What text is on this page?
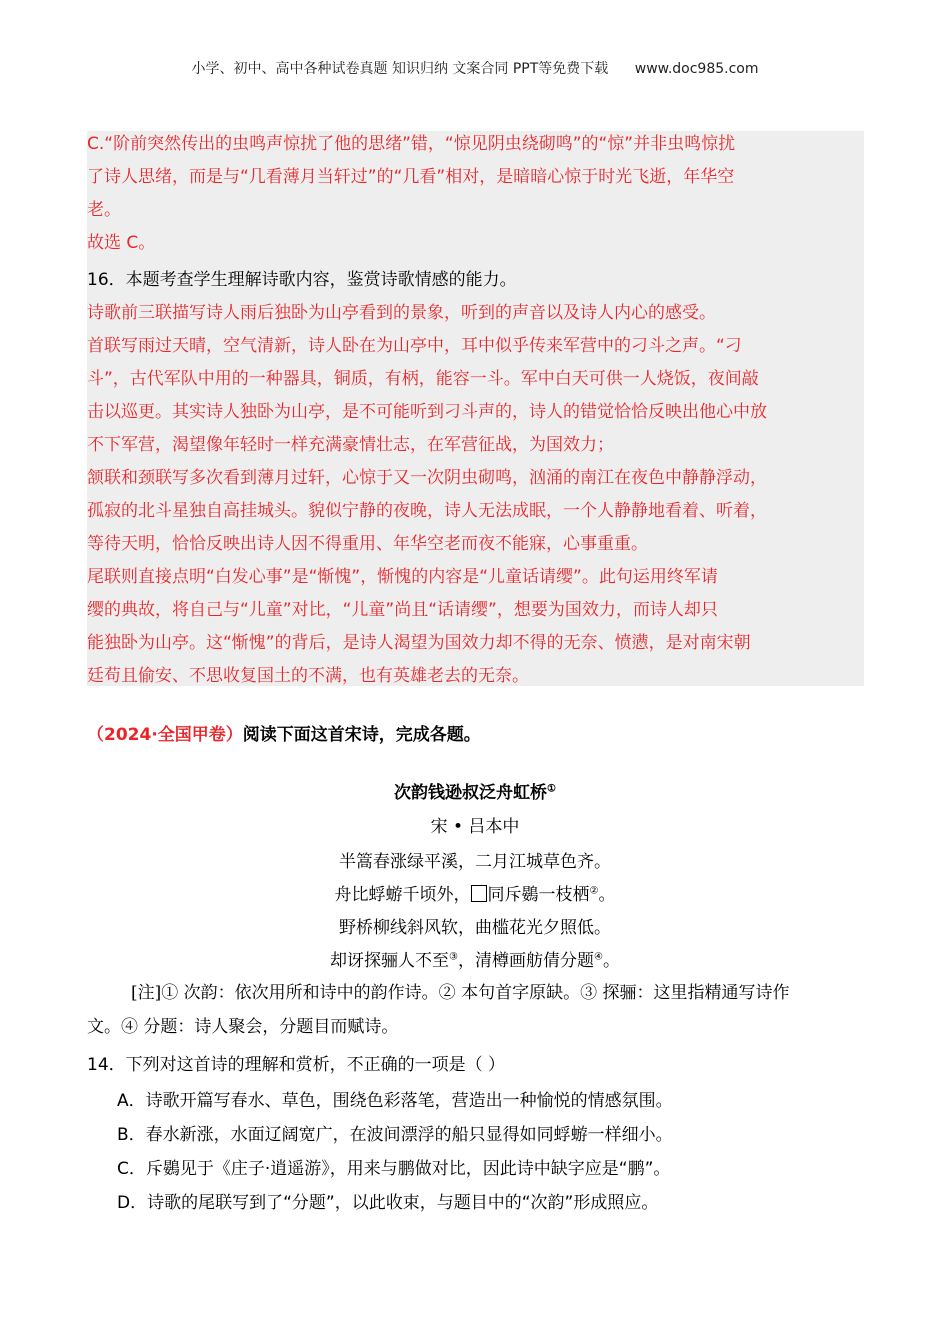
小学、初中、高中各种试卷真题 知识归纳 文案合同 PPT等免费下载 www.doc985.com
C.“阶前突然传出的虫鸣声惊扰了他的思绪”错，“惊见阴虫绕砌鸣”的“惊”并非虫鸣惊扰
了诗人思绪，而是与“几看薄月当轩过”的“几看”相对，是暗暗心惊于时光飞逝，年华空
老。
故选 C。
16．本题考查学生理解诗歌内容，鉴赏诗歌情感的能力。
诗歌前三联描写诗人雨后独卧为山亭看到的景象，听到的声音以及诗人内心的感受。
首联写雨过天晴，空气清新，诗人卧在为山亭中，耳中似乎传来军营中的刁斗之声。“刁
斗”，古代军队中用的一种器具，铜质，有柄，能容一斗。军中白天可供一人烧饭，夜间敲
击以巡更。其实诗人独卧为山亭，是不可能听到刁斗声的，诗人的错觉恰恰反映出他心中放
不下军营，渴望像年轻时一样充满豪情壮志，在军营征战，为国效力；
颔联和颈联写多次看到薄月过轩，心惊于又一次阴虫砌鸣，汹涌的南江在夜色中静静浮动，
孤寂的北斗星独自高挂城头。貌似宁静的夜晚，诗人无法成眠，一个人静静地看着、听着，
等待天明，恰恰反映出诗人因不得重用、年华空老而夜不能寐，心事重重。
尾联则直接点明“白发心事”是“惭愧”，惭愧的内容是“儿童话请缨”。此句运用终军请
缨的典故，将自己与“儿童”对比，“儿童”尚且“话请缨”，想要为国效力，而诗人却只
能独卧为山亭。这“惭愧”的背后，是诗人渴望为国效力却不得的无奈、愤懑，是对南宋朝
廷苟且偷安、不思收复国土的不满，也有英雄老去的无奈。
（2024·全国甲卷）阅读下面这首宋诗，完成各题。
次韵钱逊叔泛舟虹桥①
宋 • 吕本中
半篙春涨绿平溪，二月江城草色齐。
舟比蜉蝣千顷外， 同斥鷃一枝栖②。
野桥柳线斜风软，曲槛花光夕照低。
却讶探骊人不至③，清樽画舫倩分题④。
[注]① 次韵：依次用所和诗中的韵作诗。② 本句首字原缺。③ 探骊：这里指精通写诗作
文。④ 分题：诗人聚会，分题目而赋诗。
14．下列对这首诗的理解和赏析，不正确的一项是（ ）
A．诗歌开篇写春水、草色，围绕色彩落笔，营造出一种愉悦的情感氛围。
B．春水新涨，水面辽阔宽广，在波间漂浮的船只显得如同蜉蝣一样细小。
C．斥鷃见于《庄子·逍遥游》，用来与鹏做对比，因此诗中缺字应是“鹏”。
D．诗歌的尾联写到了“分题”，以此收束，与题目中的“次韵”形成照应。
